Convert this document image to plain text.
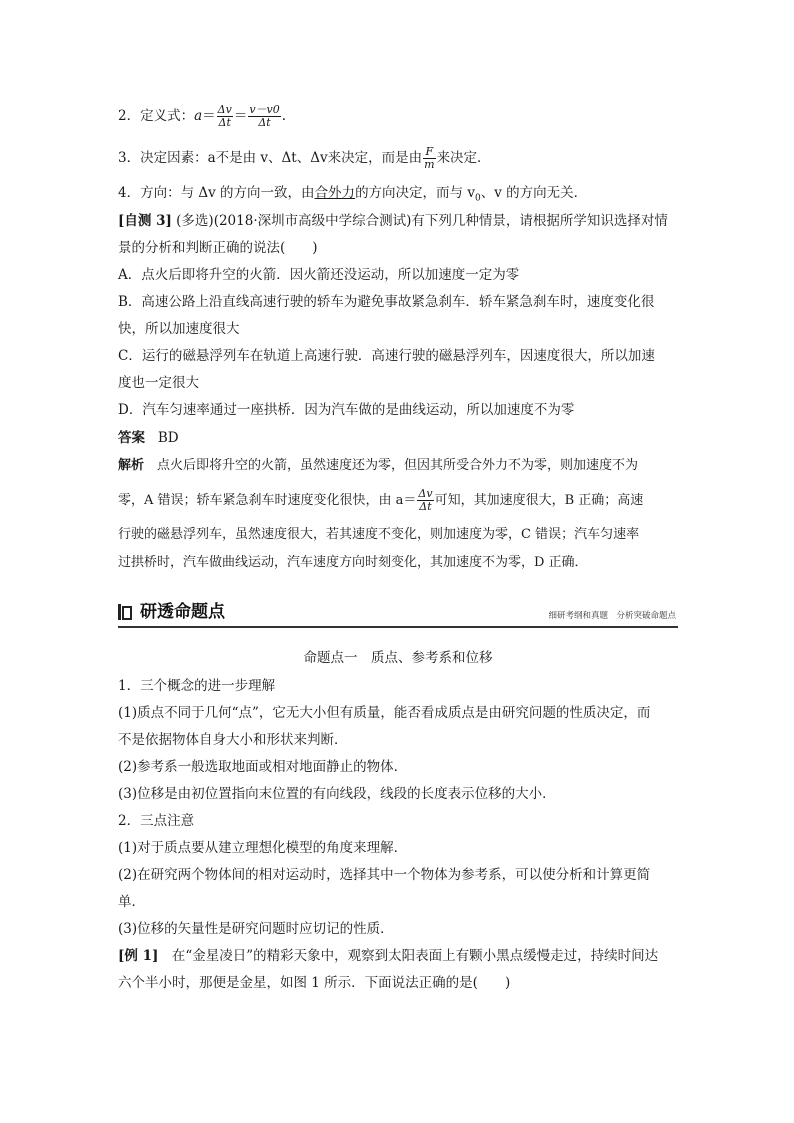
2．定义式：$a= \frac{\Delta v}{\Delta t} = \frac{v-v0}{\Delta t}$ .
3．决定因素：a不是由 v、Δt、Δv来决定，而是由 $\frac{F}{m}$ 来决定．
4．方向：与 Δv 的方向一致，由合外力的方向决定，而与 $v_0$、v 的方向无关．
[自测 3] (多选)(2018·深圳市高级中学综合测试)有下列几种情景，请根据所学知识选择对情
景的分析和判断正确的说法(　　)
A．点火后即将升空的火箭．因火箭还没运动，所以加速度一定为零
B．高速公路上沿直线高速行驶的轿车为避免事故紧急刹车．轿车紧急刹车时，速度变化很
快，所以加速度很大
C．运行的磁悬浮列车在轨道上高速行驶．高速行驶的磁悬浮列车，因速度很大，所以加速
度也一定很大
D．汽车匀速率通过一座拱桥．因为汽车做的是曲线运动，所以加速度不为零
答案 BD
解析　点火后即将升空的火箭，虽然速度还为零，但因其所受合外力不为零，则加速度不为
零，A 错误；轿车紧急刹车时速度变化很快，由 $a= \frac{\Delta v}{\Delta t}$ 可知，其加速度很大，B 正确；高速
行驶的磁悬浮列车，虽然速度很大，若其速度不变化，则加速度为零，C 错误；汽车匀速率
过拱桥时，汽车做曲线运动，汽车速度方向时刻变化，其加速度不为零，D 正确．
研透命题点	细研考纲和真题　分析突破命题点
命题点一　质点、参考系和位移
1．三个概念的进一步理解
(1)质点不同于几何“点”，它无大小但有质量，能否看成质点是由研究问题的性质决定，而
不是依据物体自身大小和形状来判断．
(2)参考系一般选取地面或相对地面静止的物体．
(3)位移是由初位置指向末位置的有向线段，线段的长度表示位移的大小．
2．三点注意
(1)对于质点要从建立理想化模型的角度来理解．
(2)在研究两个物体间的相对运动时，选择其中一个物体为参考系，可以使分析和计算更简
单．
(3)位移的矢量性是研究问题时应切记的性质．
[例 1]　在“金星凌日”的精彩天象中，观察到太阳表面上有颗小黑点缓慢走过，持续时间达
六个半小时，那便是金星，如图 1 所示．下面说法正确的是(　　)
